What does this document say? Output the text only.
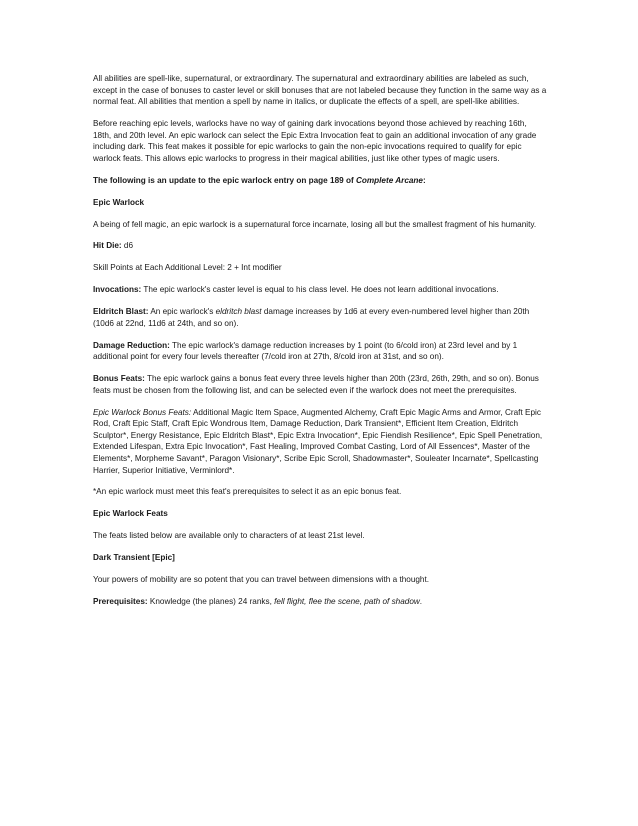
All abilities are spell-like, supernatural, or extraordinary. The supernatural and extraordinary abilities are labeled as such, except in the case of bonuses to caster level or skill bonuses that are not labeled because they function in the same way as a normal feat. All abilities that mention a spell by name in italics, or duplicate the effects of a spell, are spell-like abilities.

Before reaching epic levels, warlocks have no way of gaining dark invocations beyond those achieved by reaching 16th, 18th, and 20th level. An epic warlock can select the Epic Extra Invocation feat to gain an additional invocation of any grade including dark. This feat makes it possible for epic warlocks to gain the non-epic invocations required to qualify for epic warlock feats. This allows epic warlocks to progress in their magical abilities, just like other types of magic users.

The following is an update to the epic warlock entry on page 189 of Complete Arcane:

Epic Warlock

A being of fell magic, an epic warlock is a supernatural force incarnate, losing all but the smallest fragment of his humanity.

Hit Die: d6

Skill Points at Each Additional Level: 2 + Int modifier

Invocations: The epic warlock's caster level is equal to his class level. He does not learn additional invocations.

Eldritch Blast: An epic warlock's eldritch blast damage increases by 1d6 at every even-numbered level higher than 20th (10d6 at 22nd, 11d6 at 24th, and so on).

Damage Reduction: The epic warlock's damage reduction increases by 1 point (to 6/cold iron) at 23rd level and by 1 additional point for every four levels thereafter (7/cold iron at 27th, 8/cold iron at 31st, and so on).

Bonus Feats: The epic warlock gains a bonus feat every three levels higher than 20th (23rd, 26th, 29th, and so on). Bonus feats must be chosen from the following list, and can be selected even if the warlock does not meet the prerequisites.

Epic Warlock Bonus Feats: Additional Magic Item Space, Augmented Alchemy, Craft Epic Magic Arms and Armor, Craft Epic Rod, Craft Epic Staff, Craft Epic Wondrous Item, Damage Reduction, Dark Transient*, Efficient Item Creation, Eldritch Sculptor*, Energy Resistance, Epic Eldritch Blast*, Epic Extra Invocation*, Epic Fiendish Resilience*, Epic Spell Penetration, Extended Lifespan, Extra Epic Invocation*, Fast Healing, Improved Combat Casting, Lord of All Essences*, Master of the Elements*, Morpheme Savant*, Paragon Visionary*, Scribe Epic Scroll, Shadowmaster*, Souleater Incarnate*, Spellcasting Harrier, Superior Initiative, Verminlord*.

*An epic warlock must meet this feat's prerequisites to select it as an epic bonus feat.

Epic Warlock Feats

The feats listed below are available only to characters of at least 21st level.

Dark Transient [Epic]

Your powers of mobility are so potent that you can travel between dimensions with a thought.

Prerequisites: Knowledge (the planes) 24 ranks, fell flight, flee the scene, path of shadow.
